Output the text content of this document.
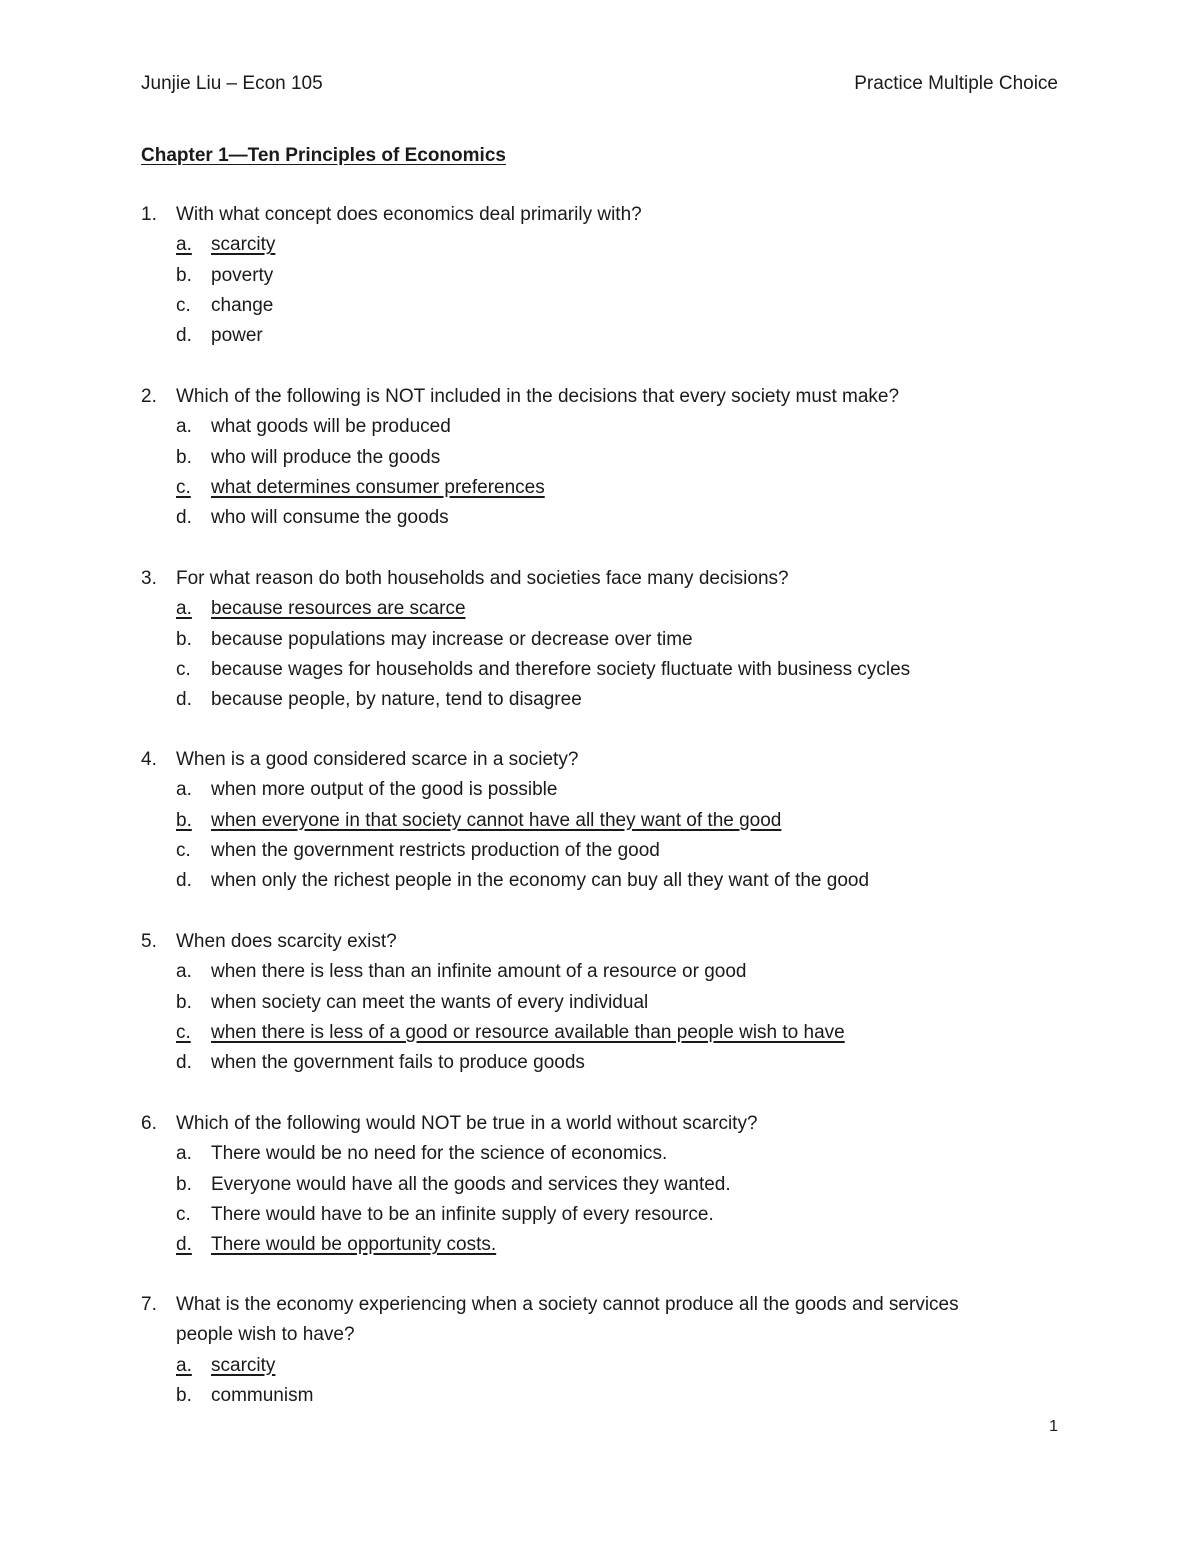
Junjie Liu – Econ 105	Practice Multiple Choice
Chapter 1—Ten Principles of Economics
1.	With what concept does economics deal primarily with?
a.	scarcity
b.	poverty
c.	change
d.	power
2.	Which of the following is NOT included in the decisions that every society must make?
a.	what goods will be produced
b.	who will produce the goods
c.	what determines consumer preferences
d.	who will consume the goods
3.	For what reason do both households and societies face many decisions?
a.	because resources are scarce
b.	because populations may increase or decrease over time
c.	because wages for households and therefore society fluctuate with business cycles
d.	because people, by nature, tend to disagree
4.	When is a good considered scarce in a society?
a.	when more output of the good is possible
b.	when everyone in that society cannot have all they want of the good
c.	when the government restricts production of the good
d.	when only the richest people in the economy can buy all they want of the good
5.	When does scarcity exist?
a.	when there is less than an infinite amount of a resource or good
b.	when society can meet the wants of every individual
c.	when there is less of a good or resource available than people wish to have
d.	when the government fails to produce goods
6.	Which of the following would NOT be true in a world without scarcity?
a.	There would be no need for the science of economics.
b.	Everyone would have all the goods and services they wanted.
c.	There would have to be an infinite supply of every resource.
d.	There would be opportunity costs.
7.	What is the economy experiencing when a society cannot produce all the goods and services
people wish to have?
a.	scarcity
b.	communism
1
